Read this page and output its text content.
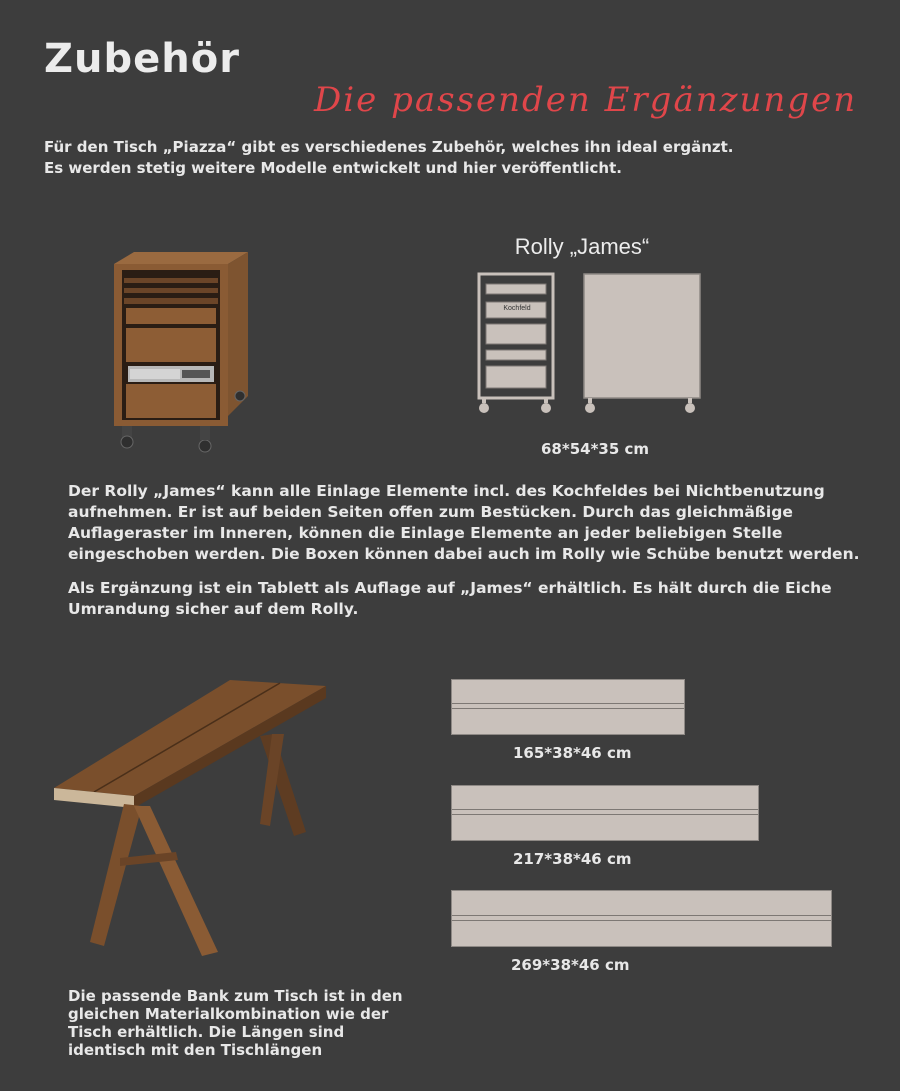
Zubehör
Die passenden Ergänzungen
Für den Tisch „Piazza“ gibt es verschiedenes Zubehör, welches ihn ideal ergänzt.
Es werden stetig weitere Modelle entwickelt und hier veröffentlicht.
Rolly „James“
Kochfeld
68*54*35 cm
Der Rolly „James“ kann alle Einlage Elemente incl. des Kochfeldes bei Nichtbenutzung
aufnehmen. Er ist auf beiden Seiten offen zum Bestücken. Durch das gleichmäßige
Auflageraster im Inneren, können die Einlage Elemente an jeder beliebigen Stelle
eingeschoben werden. Die Boxen können dabei auch im Rolly wie Schübe benutzt werden.
Als Ergänzung ist ein Tablett als Auflage auf „James“ erhältlich. Es hält durch die Eiche
Umrandung sicher auf dem Rolly.
165*38*46 cm
217*38*46 cm
269*38*46 cm
Die passende Bank zum Tisch ist in den
gleichen Materialkombination wie der
Tisch erhältlich. Die Längen sind
identisch mit den Tischlängen
